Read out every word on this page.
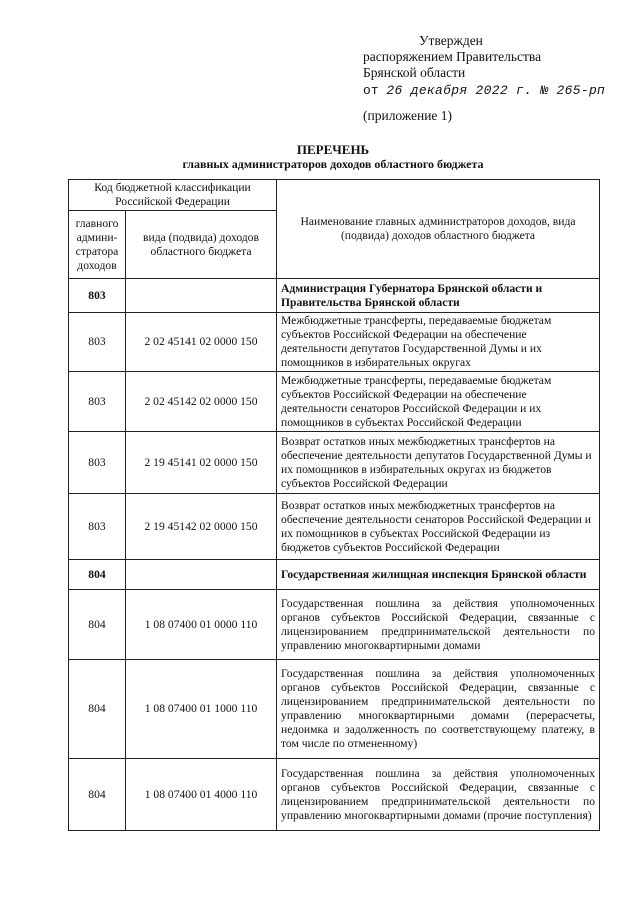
Утвержден
распоряжением Правительства
Брянской области
от 26 декабря 2022 г. № 265-рп
(приложение 1)
ПЕРЕЧЕНЬ
главных администраторов доходов областного бюджета
Код бюджетной классификации Российской Федерации		Наименование главных администраторов доходов, вида (подвида) доходов областного бюджета
главного админи-стратора доходов	вида (подвида) доходов областного бюджета	
803		Администрация Губернатора Брянской области и Правительства Брянской области
803	2 02 45141 02 0000 150	Межбюджетные трансферты, передаваемые бюджетам субъектов Российской Федерации на обеспечение деятельности депутатов Государственной Думы и их помощников в избирательных округах
803	2 02 45142 02 0000 150	Межбюджетные трансферты, передаваемые бюджетам субъектов Российской Федерации на обеспечение деятельности сенаторов Российской Федерации и их помощников в субъектах Российской Федерации
803	2 19 45141 02 0000 150	Возврат остатков иных межбюджетных трансфертов на обеспечение деятельности депутатов Государственной Думы и их помощников в избирательных округах из бюджетов субъектов Российской Федерации
803	2 19 45142 02 0000 150	Возврат остатков иных межбюджетных трансфертов на обеспечение деятельности сенаторов Российской Федерации и их помощников в субъектах Российской Федерации из бюджетов субъектов Российской Федерации
804		Государственная жилищная инспекция Брянской области
804	1 08 07400 01 0000 110	Государственная пошлина за действия уполномоченных органов субъектов Российской Федерации, связанные с лицензированием предпринимательской деятельности по управлению многоквартирными домами
804	1 08 07400 01 1000 110	Государственная пошлина за действия уполномоченных органов субъектов Российской Федерации, связанные с лицензированием предпринимательской деятельности по управлению многоквартирными домами (перерасчеты, недоимка и задолженность по соответствующему платежу, в том числе по отмененному)
804	1 08 07400 01 4000 110	Государственная пошлина за действия уполномоченных органов субъектов Российской Федерации, связанные с лицензированием предпринимательской деятельности по управлению многоквартирными домами (прочие поступления)
